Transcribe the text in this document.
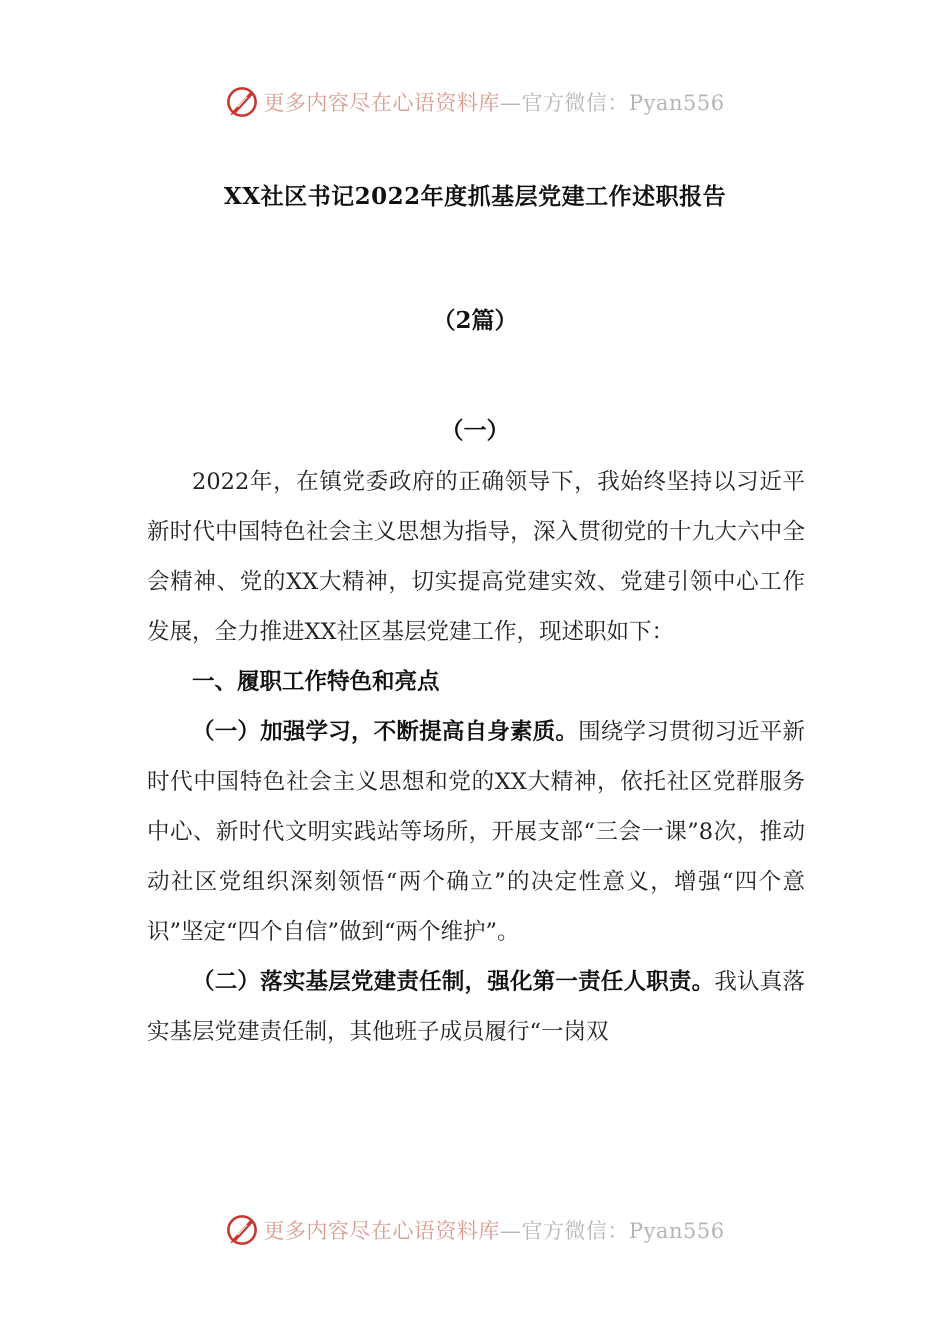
更多内容尽在心语资料库—官方微信：Pyan556
XX社区书记2022年度抓基层党建工作述职报告
（2篇）
（一）

2022年，在镇党委政府的正确领导下，我始终坚持以习近平新时代中国特色社会主义思想为指导，深入贯彻党的十九大六中全会精神、党的XX大精神，切实提高党建实效、党建引领中心工作发展，全力推进XX社区基层党建工作，现述职如下：

一、履职工作特色和亮点

（一）加强学习，不断提高自身素质。围绕学习贯彻习近平新时代中国特色社会主义思想和党的XX大精神，依托社区党群服务中心、新时代文明实践站等场所，开展支部“三会一课”8次，推动动社区党组织深刻领悟“两个确立”的决定性意义，增强“四个意识”坚定“四个自信”做到“两个维护”。

（二）落实基层党建责任制，强化第一责任人职责。我认真落实基层党建责任制，其他班子成员履行“一岗双

更多内容尽在心语资料库—官方微信：Pyan556
